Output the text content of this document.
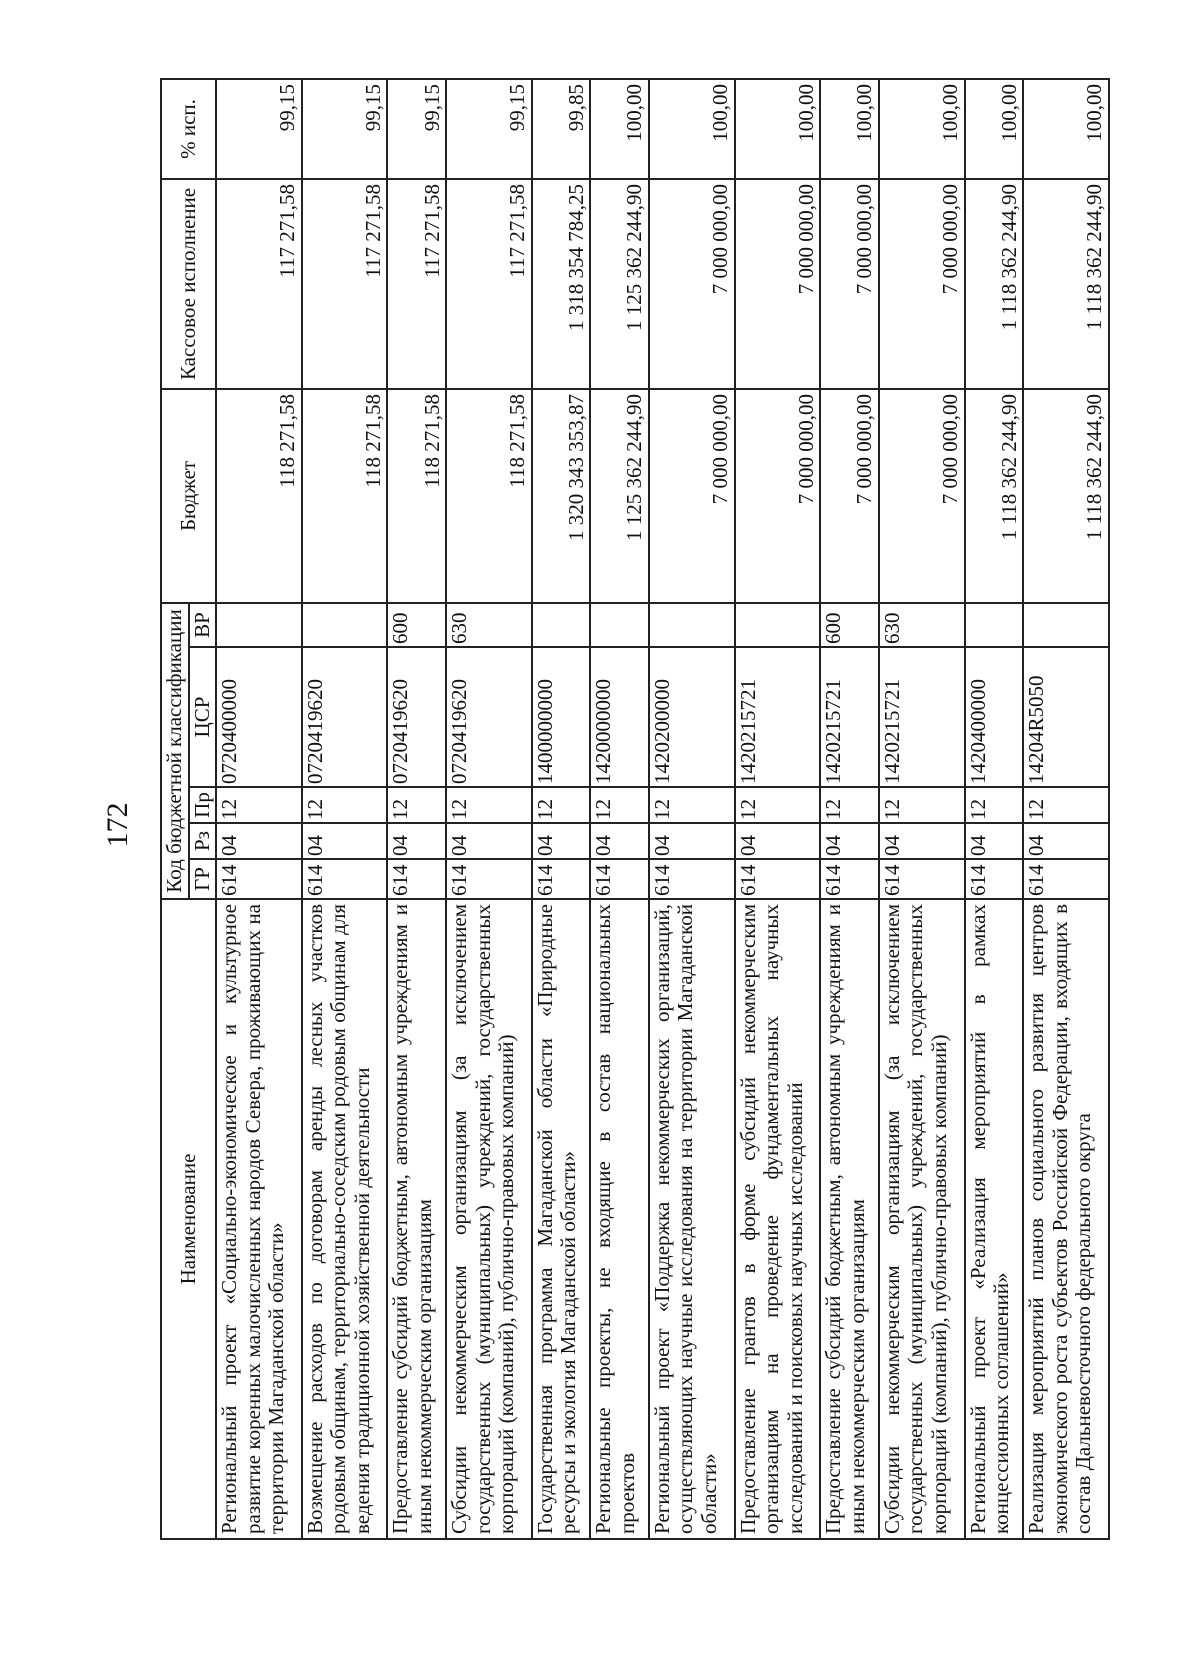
172
Наименование	Код бюджетной классификации					Бюджет	Кассовое исполнение	% исп.
	ГР	Рз	Пр	ЦСР	ВР			
Региональный проект «Социально-экономическое и культурное развитие коренных малочисленных народов Севера, проживающих на территории Магаданской области»	614	04	12	0720400000		118 271,58	117 271,58	99,15
Возмещение расходов по договорам аренды лесных участков родовым общинам, территориально-соседским родовым общинам для ведения традиционной хозяйственной деятельности	614	04	12	0720419620		118 271,58	117 271,58	99,15
Предоставление субсидий бюджетным, автономным учреждениям и иным некоммерческим организациям	614	04	12	0720419620	600	118 271,58	117 271,58	99,15
Субсидии некоммерческим организациям (за исключением государственных (муниципальных) учреждений, государственных корпораций (компаний), публично-правовых компаний)	614	04	12	0720419620	630	118 271,58	117 271,58	99,15
Государственная программа Магаданской области «Природные ресурсы и экология Магаданской области»	614	04	12	1400000000		1 320 343 353,87	1 318 354 784,25	99,85
Региональные проекты, не входящие в состав национальных проектов	614	04	12	1420000000		1 125 362 244,90	1 125 362 244,90	100,00
Региональный проект «Поддержка некоммерческих организаций, осуществляющих научные исследования на территории Магаданской области»	614	04	12	1420200000		7 000 000,00	7 000 000,00	100,00
Предоставление грантов в форме субсидий некоммерческим организациям на проведение фундаментальных научных исследований и поисковых научных исследований	614	04	12	1420215721		7 000 000,00	7 000 000,00	100,00
Предоставление субсидий бюджетным, автономным учреждениям и иным некоммерческим организациям	614	04	12	1420215721	600	7 000 000,00	7 000 000,00	100,00
Субсидии некоммерческим организациям (за исключением государственных (муниципальных) учреждений, государственных корпораций (компаний), публично-правовых компаний)	614	04	12	1420215721	630	7 000 000,00	7 000 000,00	100,00
Региональный проект «Реализация мероприятий в рамках концессионных соглашений»	614	04	12	1420400000		1 118 362 244,90	1 118 362 244,90	100,00
Реализация мероприятий планов социального развития центров экономического роста субъектов Российской Федерации, входящих в состав Дальневосточного федерального округа	614	04	12	14204R5050		1 118 362 244,90	1 118 362 244,90	100,00
